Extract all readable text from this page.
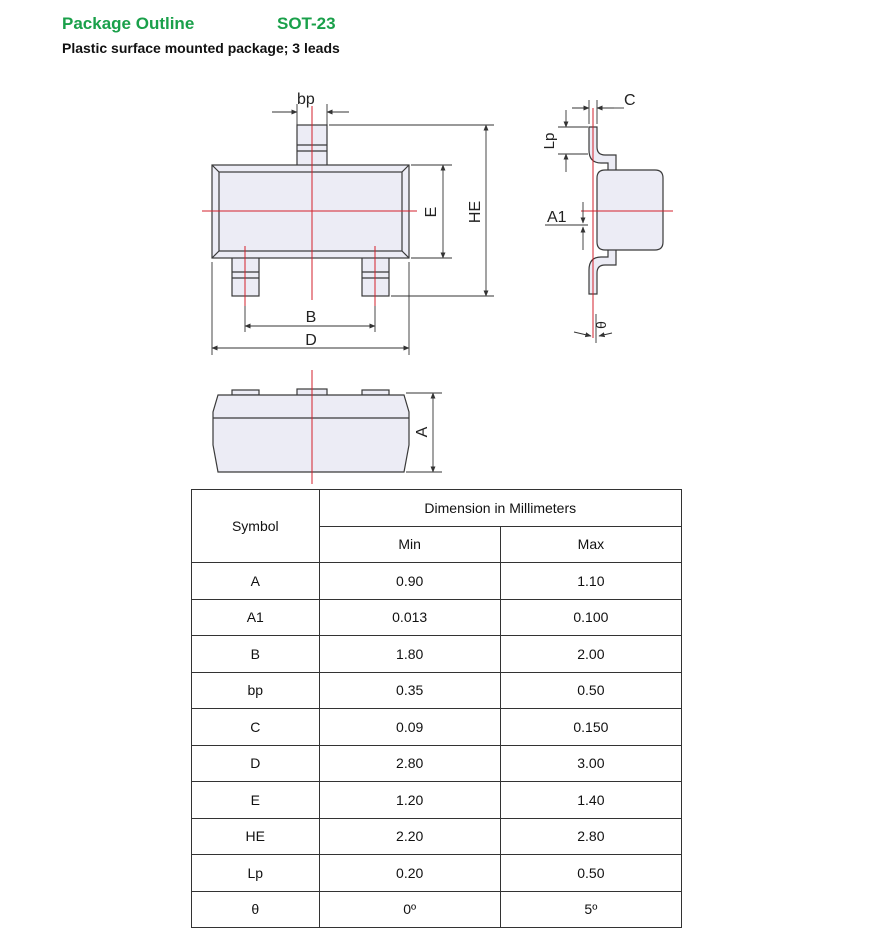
Package Outline	SOT-23
Plastic surface mounted package; 3 leads
bp
B
D
E HE
C
Lp
A1
θ
A
Symbol	Dimension in Millimeters	
	Min	Max
A	0.90	1.10
A1	0.013	0.100
B	1.80	2.00
bp	0.35	0.50
C	0.09	0.150
D	2.80	3.00
E	1.20	1.40
HE	2.20	2.80
Lp	0.20	0.50
θ	0º	5º
